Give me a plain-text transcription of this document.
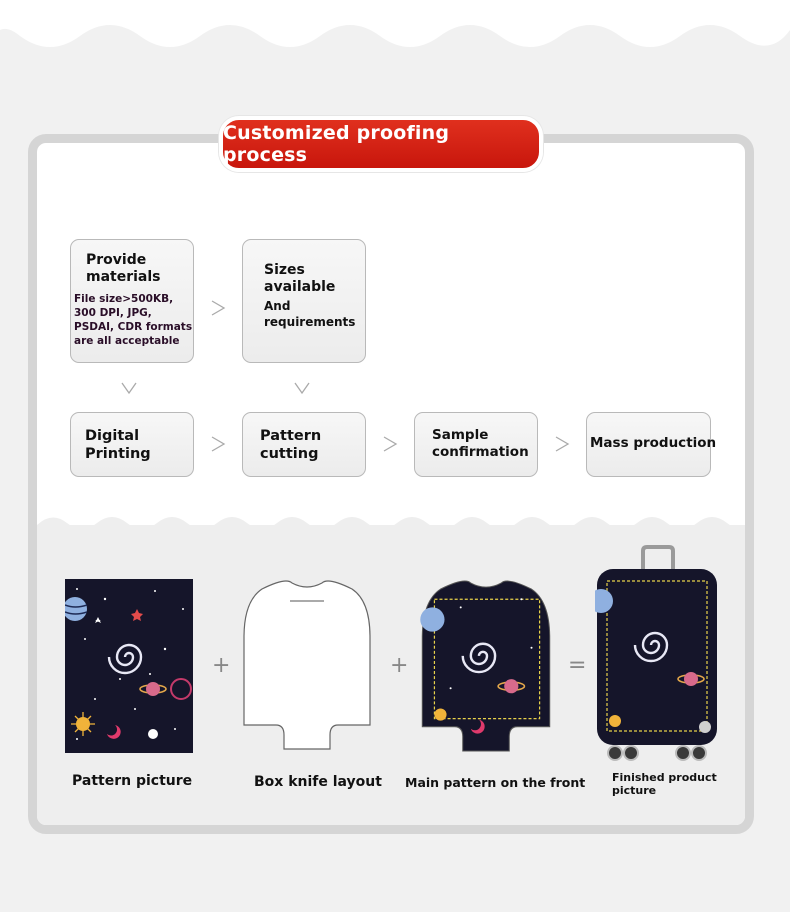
Provide materials
File size>500KB, 300 DPI, JPG, PSDAI, CDR formats are all acceptable
Sizes available
And requirements
Digital Printing
Pattern cutting
Sample confirmation
Mass production
+	+	=
Pattern picture	Box knife layout Main pattern on the front Finished product picture
Customized proofing process
